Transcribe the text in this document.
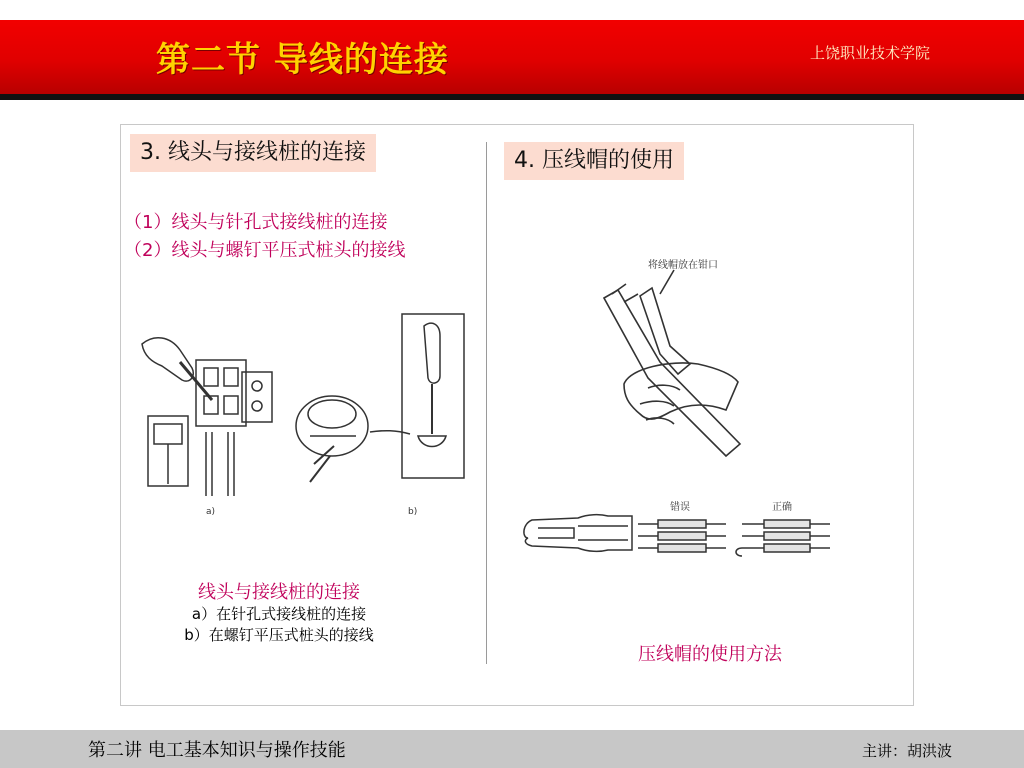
第二节 导线的连接	上饶职业技术学院
3. 线头与接线桩的连接
（1）线头与针孔式接线桩的连接
（2）线头与螺钉平压式桩头的接线
a)	b)
线头与接线桩的连接
a）在针孔式接线桩的连接
b）在螺钉平压式桩头的接线
4. 压线帽的使用
将线帽放在钳口
错误	正确
压线帽的使用方法
第二讲 电工基本知识与操作技能	主讲：胡洪波
